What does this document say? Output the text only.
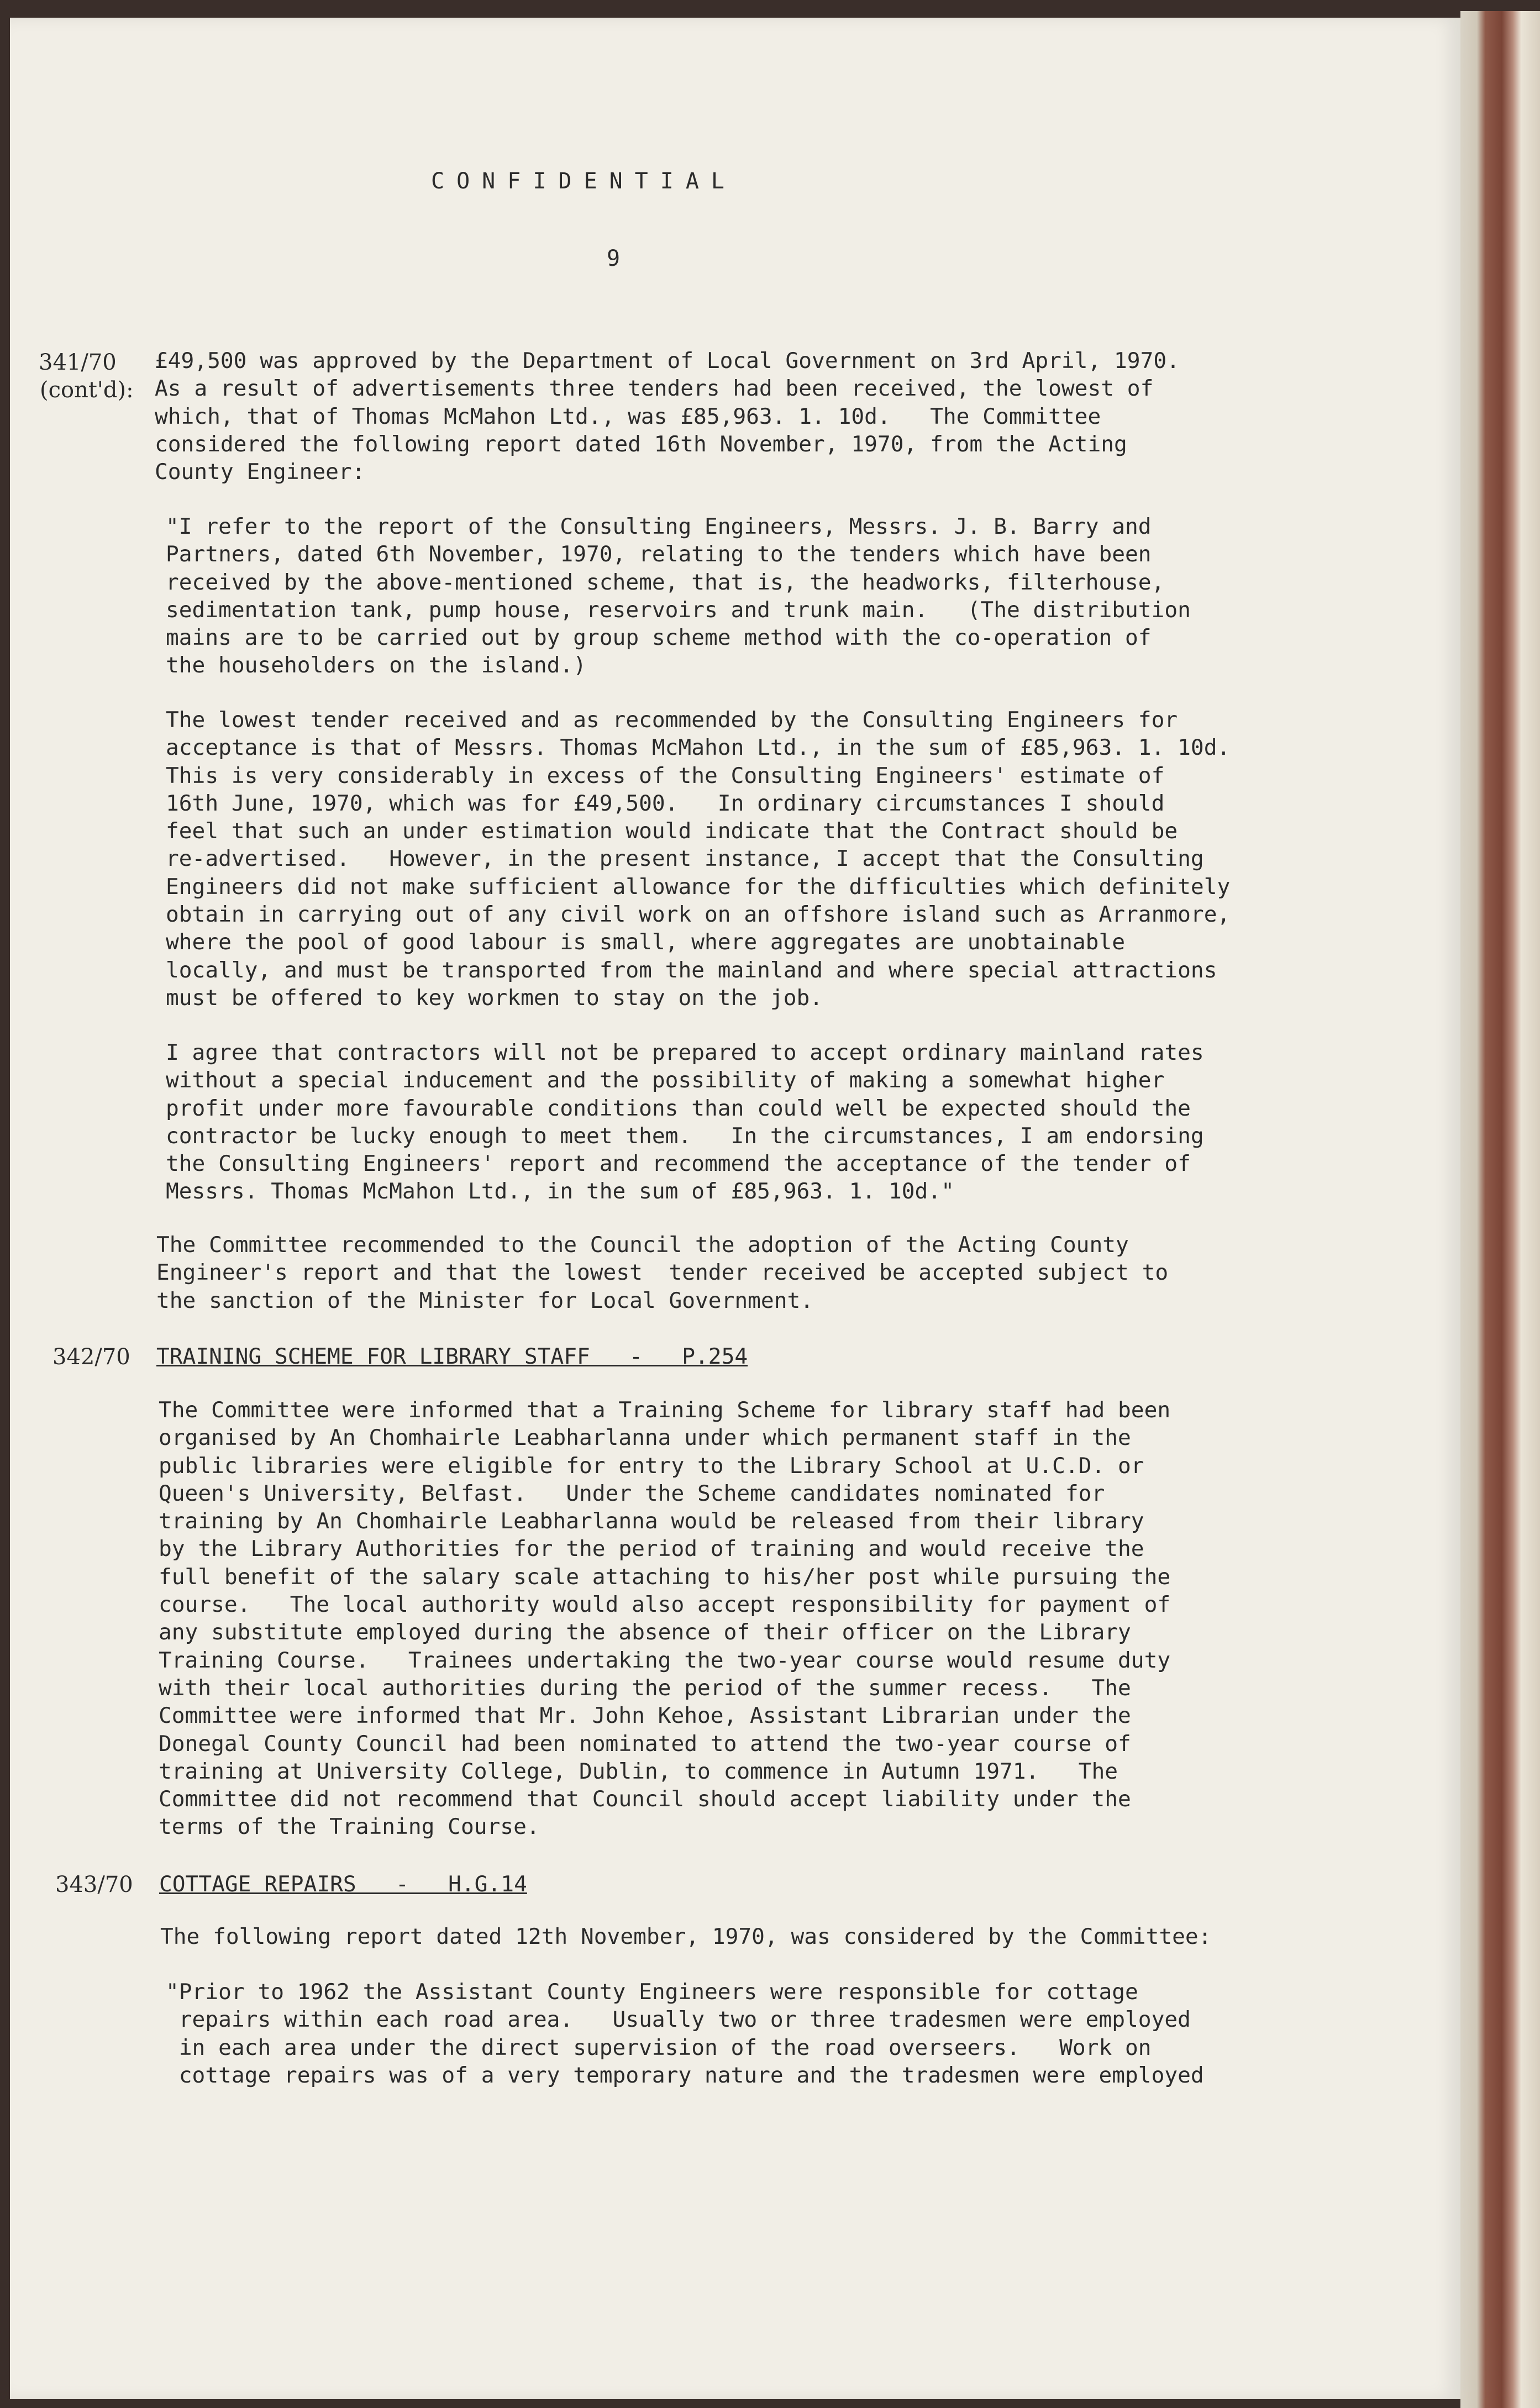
CONFIDENTIAL
9
341/70
(cont'd):
£49,500 was approved by the Department of Local Government on 3rd April, 1970.
As a result of advertisements three tenders had been received, the lowest of
which, that of Thomas McMahon Ltd., was £85,963. 1. 10d.   The Committee
considered the following report dated 16th November, 1970, from the Acting
County Engineer:
"I refer to the report of the Consulting Engineers, Messrs. J. B. Barry and
Partners, dated 6th November, 1970, relating to the tenders which have been
received by the above-mentioned scheme, that is, the headworks, filterhouse,
sedimentation tank, pump house, reservoirs and trunk main.   (The distribution
mains are to be carried out by group scheme method with the co-operation of
the householders on the island.)
The lowest tender received and as recommended by the Consulting Engineers for
acceptance is that of Messrs. Thomas McMahon Ltd., in the sum of £85,963. 1. 10d.
This is very considerably in excess of the Consulting Engineers' estimate of
16th June, 1970, which was for £49,500.   In ordinary circumstances I should
feel that such an under estimation would indicate that the Contract should be
re-advertised.   However, in the present instance, I accept that the Consulting
Engineers did not make sufficient allowance for the difficulties which definitely
obtain in carrying out of any civil work on an offshore island such as Arranmore,
where the pool of good labour is small, where aggregates are unobtainable
locally, and must be transported from the mainland and where special attractions
must be offered to key workmen to stay on the job.
I agree that contractors will not be prepared to accept ordinary mainland rates
without a special inducement and the possibility of making a somewhat higher
profit under more favourable conditions than could well be expected should the
contractor be lucky enough to meet them.   In the circumstances, I am endorsing
the Consulting Engineers' report and recommend the acceptance of the tender of
Messrs. Thomas McMahon Ltd., in the sum of £85,963. 1. 10d."
The Committee recommended to the Council the adoption of the Acting County
Engineer's report and that the lowest  tender received be accepted subject to
the sanction of the Minister for Local Government.
342/70 TRAINING SCHEME FOR LIBRARY STAFF   -   P.254
The Committee were informed that a Training Scheme for library staff had been
organised by An Chomhairle Leabharlanna under which permanent staff in the
public libraries were eligible for entry to the Library School at U.C.D. or
Queen's University, Belfast.   Under the Scheme candidates nominated for
training by An Chomhairle Leabharlanna would be released from their library
by the Library Authorities for the period of training and would receive the
full benefit of the salary scale attaching to his/her post while pursuing the
course.   The local authority would also accept responsibility for payment of
any substitute employed during the absence of their officer on the Library
Training Course.   Trainees undertaking the two-year course would resume duty
with their local authorities during the period of the summer recess.   The
Committee were informed that Mr. John Kehoe, Assistant Librarian under the
Donegal County Council had been nominated to attend the two-year course of
training at University College, Dublin, to commence in Autumn 1971.   The
Committee did not recommend that Council should accept liability under the
terms of the Training Course.
343/70 COTTAGE REPAIRS   -   H.G.14
The following report dated 12th November, 1970, was considered by the Committee:
"Prior to 1962 the Assistant County Engineers were responsible for cottage
repairs within each road area.   Usually two or three tradesmen were employed
in each area under the direct supervision of the road overseers.   Work on
cottage repairs was of a very temporary nature and the tradesmen were employed
